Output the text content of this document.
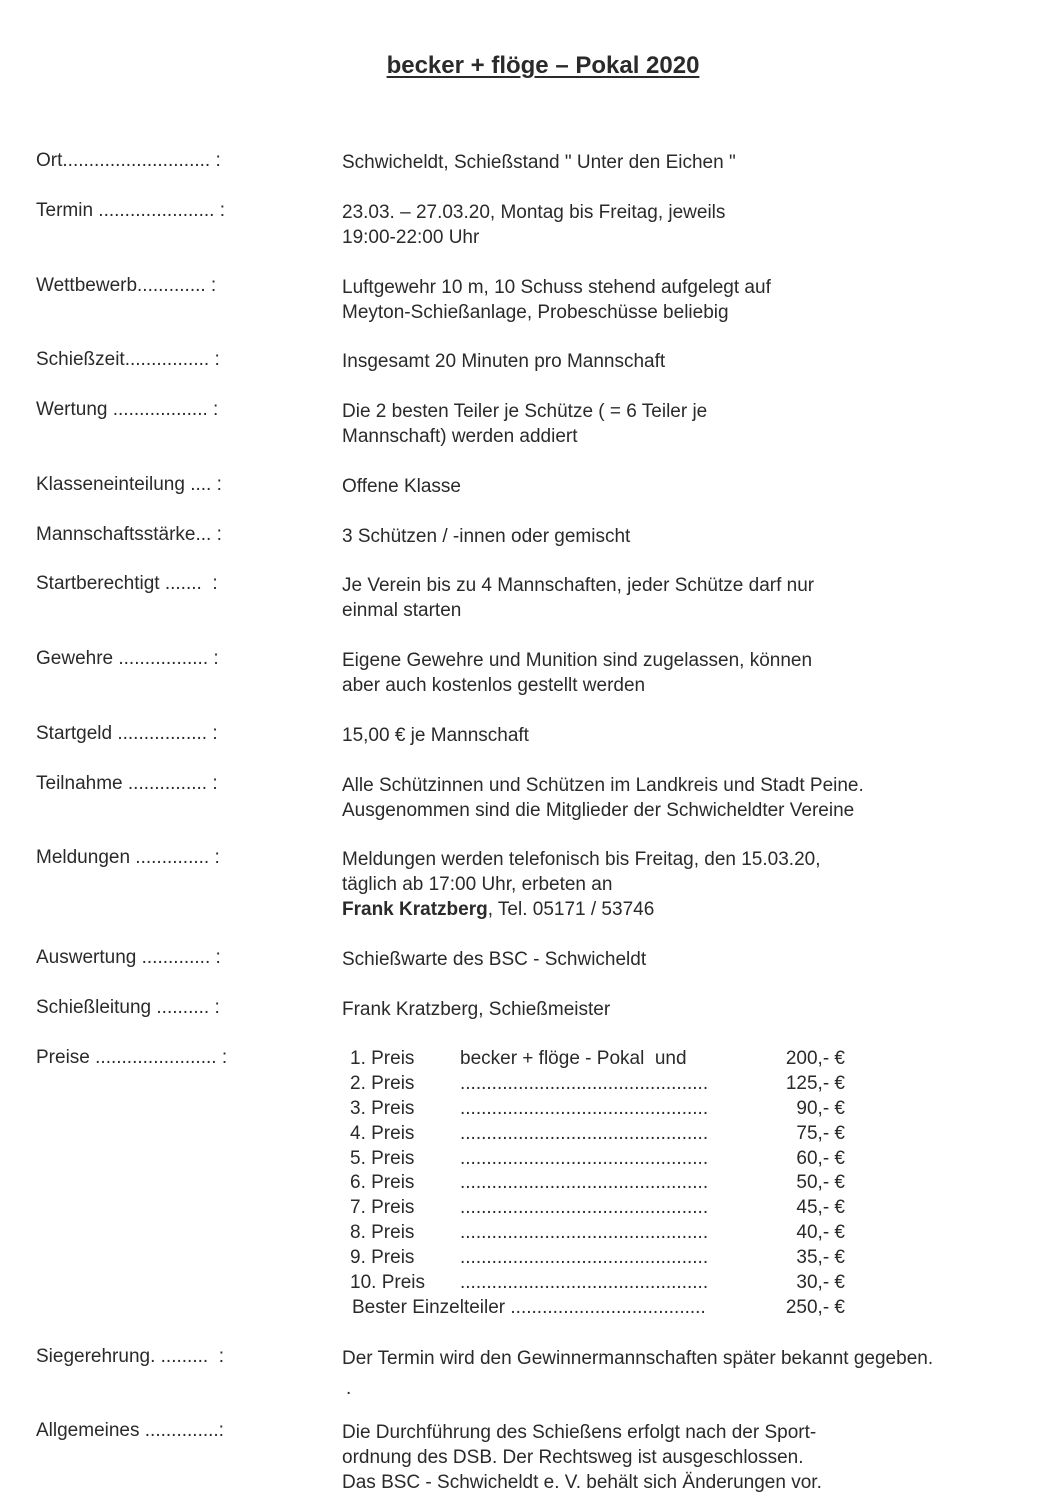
becker + flöge – Pokal 2020
Ort............................ :	Schwicheldt, Schießstand " Unter den Eichen "
Termin ...................... :	23.03. – 27.03.20, Montag bis Freitag, jeweils
19:00-22:00 Uhr
Wettbewerb............. :	Luftgewehr 10 m, 10 Schuss stehend aufgelegt auf
Meyton-Schießanlage, Probeschüsse beliebig
Schießzeit................ :	Insgesamt 20 Minuten pro Mannschaft
Wertung .................. :	Die 2 besten Teiler je Schütze ( = 6 Teiler je
Mannschaft) werden addiert
Klasseneinteilung .... :	Offene Klasse
Mannschaftsstärke... :	3 Schützen / -innen oder gemischt
Startberechtigt .......  :	Je Verein bis zu 4 Mannschaften, jeder Schütze darf nur
einmal starten
Gewehre ................. :	Eigene Gewehre und Munition sind zugelassen, können
aber auch kostenlos gestellt werden
Startgeld ................. :	15,00 € je Mannschaft
Teilnahme ............... :	Alle Schützinnen und Schützen im Landkreis und Stadt Peine.
Ausgenommen sind die Mitglieder der Schwicheldter Vereine
Meldungen .............. :	Meldungen werden telefonisch bis Freitag, den 15.03.20,
täglich ab 17:00 Uhr, erbeten an
Frank Kratzberg, Tel. 05171 / 53746
Auswertung ............. :	Schießwarte des BSC - Schwicheldt
Schießleitung .......... :	Frank Kratzberg, Schießmeister
Preise ....................... :	1. Preis becker + flöge - Pokal  und	200,- €
2. Preis ...............................................	125,- €
3. Preis ...............................................	90,- €
4. Preis ...............................................	75,- €
5. Preis ...............................................	60,- €
6. Preis ...............................................	50,- €
7. Preis ...............................................	45,- €
8. Preis ...............................................	40,- €
9. Preis ...............................................	35,- €
10. Preis ...............................................	30,- €
Bester Einzelteiler .....................................	250,- €
Siegerehrung. .........  :	Der Termin wird den Gewinnermannschaften später bekannt gegeben.
.
Allgemeines ..............:	Die Durchführung des Schießens erfolgt nach der Sport-
ordnung des DSB. Der Rechtsweg ist ausgeschlossen.
Das BSC - Schwicheldt e. V. behält sich Änderungen vor.
